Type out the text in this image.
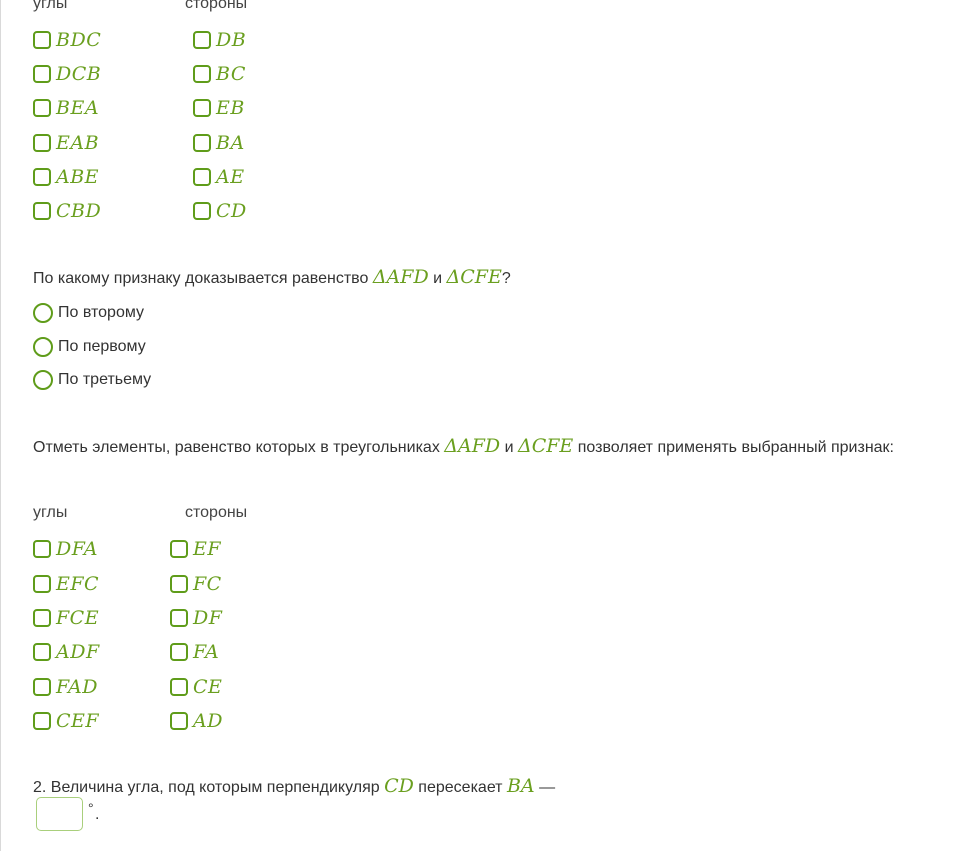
углы	стороны
BDC
DCB
BEA
EAB
ABE
CBD
DB
BC
EB
BA
AE
CD
По какому признаку доказывается равенство ΔAFD и ΔCFE?
По второму
По первому
По третьему
Отметь элементы, равенство которых в треугольниках ΔAFD и ΔCFE позволяет применять выбранный признак:
углы	стороны
DFA
EFC
FCE
ADF
FAD
CEF
EF
FC
DF
FA
CE
AD
2. Величина угла, под которым перпендикуляр CD пересекает BA —
° .
